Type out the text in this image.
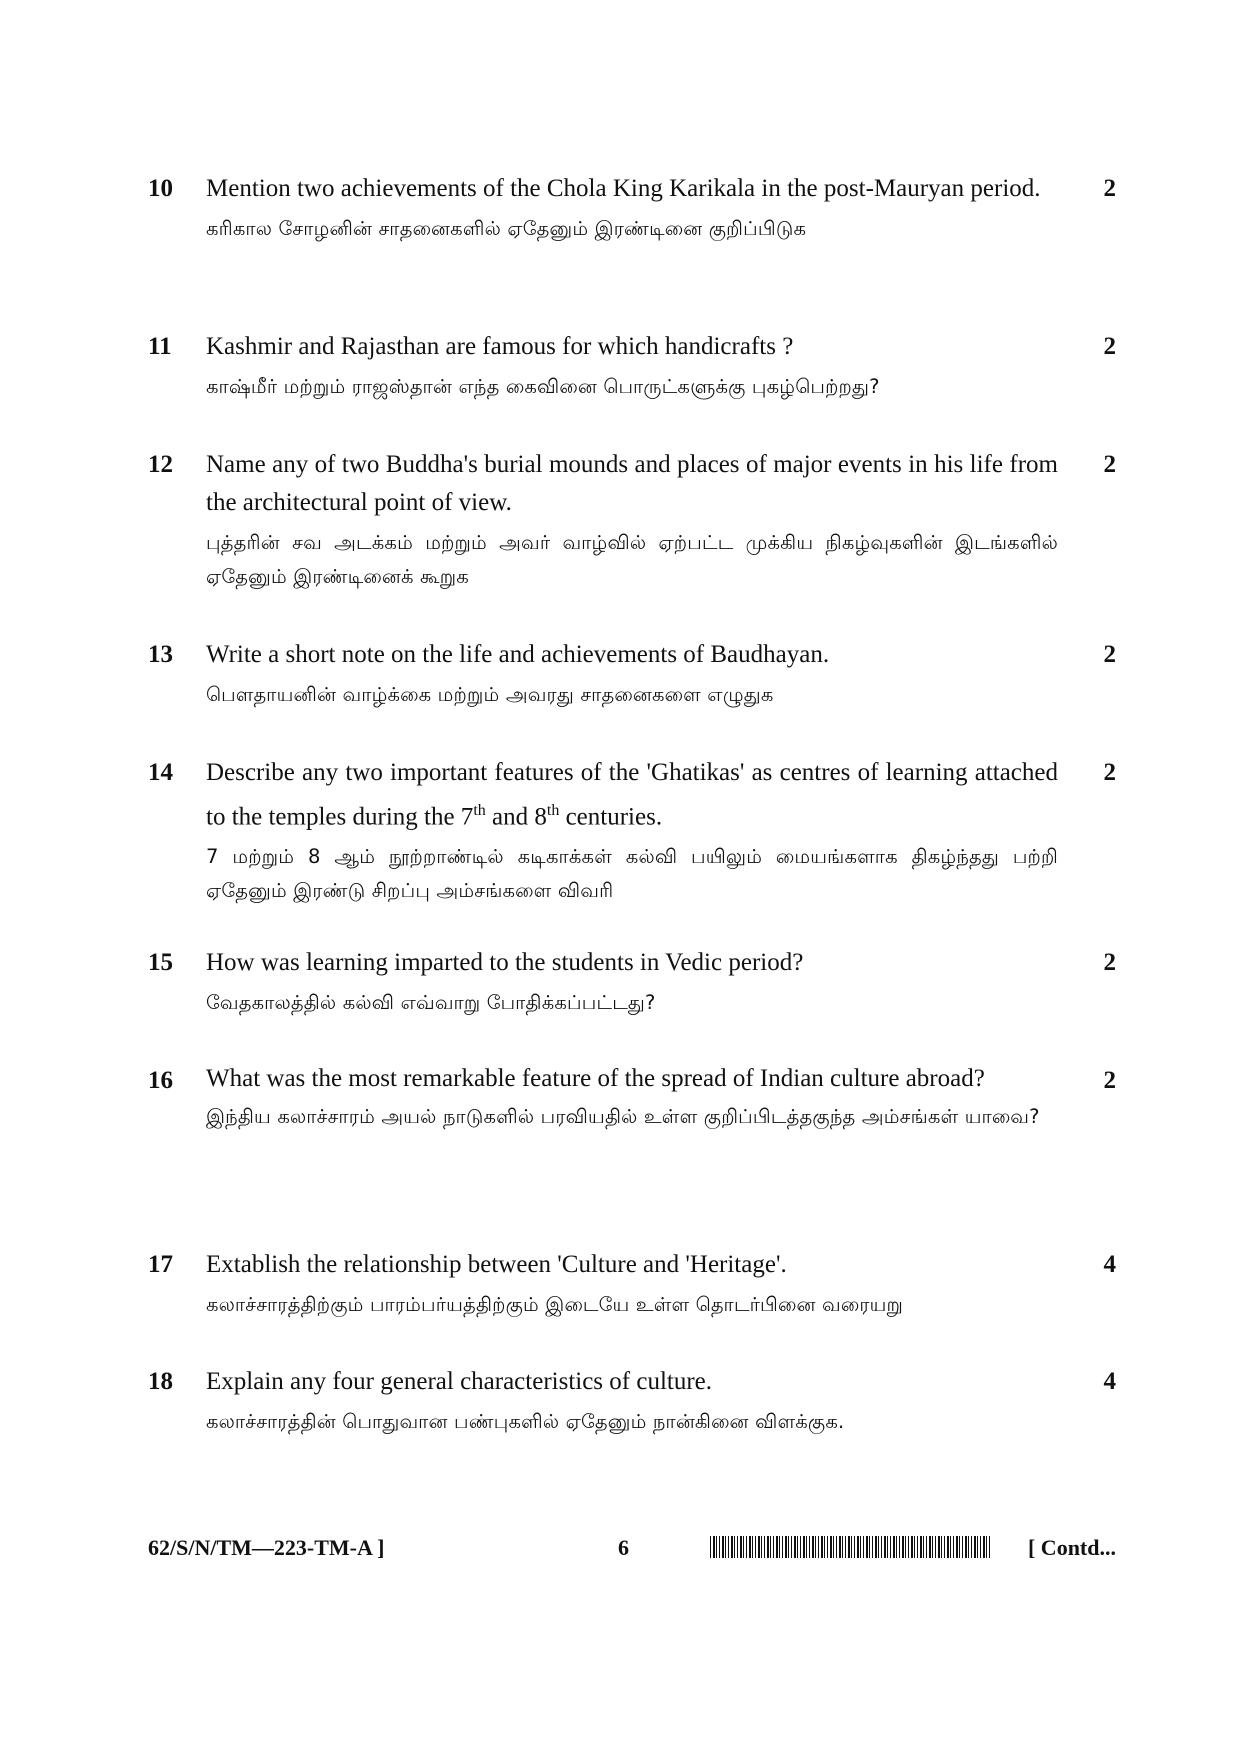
10	Mention two achievements of the Chola King Karikala in the post-Mauryan period.
கரிகால சோழனின் சாதனைகளில் ஏதேனும் இரண்டினை குறிப்பிடுக
2
11	Kashmir and Rajasthan are famous for which handicrafts ?
காஷ்மீர் மற்றும் ராஜஸ்தான் எந்த கைவினை பொருட்களுக்கு புகழ்பெற்றது?
2
12	Name any of two Buddha's burial mounds and places of major events in his life from the architectural point of view.
புத்தரின் சவ அடக்கம் மற்றும் அவர் வாழ்வில் ஏற்பட்ட முக்கிய நிகழ்வுகளின் இடங்களில் ஏதேனும் இரண்டினைக் கூறுக
2
13	Write a short note on the life and achievements of Baudhayan.
பௌதாயனின் வாழ்க்கை மற்றும் அவரது சாதனைகளை எழுதுக
2
14	Describe any two important features of the 'Ghatikas' as centres of learning attached to the temples during the 7th and 8th centuries.
7 மற்றும் 8 ஆம் நூற்றாண்டில் கடிகாக்கள் கல்வி பயிலும் மையங்களாக திகழ்ந்தது பற்றி ஏதேனும் இரண்டு சிறப்பு அம்சங்களை விவரி
2
15	How was learning imparted to the students in Vedic period?
வேதகாலத்தில் கல்வி எவ்வாறு போதிக்கப்பட்டது?
2
16	What was the most remarkable feature of the spread of Indian culture abroad?
இந்திய கலாச்சாரம் அயல் நாடுகளில் பரவியதில் உள்ள குறிப்பிடத்தகுந்த அம்சங்கள் யாவை?
2
17	Extablish the relationship between 'Culture and 'Heritage'.
கலாச்சாரத்திற்கும் பாரம்பர்யத்திற்கும் இடையே உள்ள தொடர்பினை வரையறு
4
18	Explain any four general characteristics of culture.
கலாச்சாரத்தின் பொதுவான பண்புகளில் ஏதேனும் நான்கினை விளக்குக.
4
62/S/N/TM—223-TM-A ]	6	[ Contd...
